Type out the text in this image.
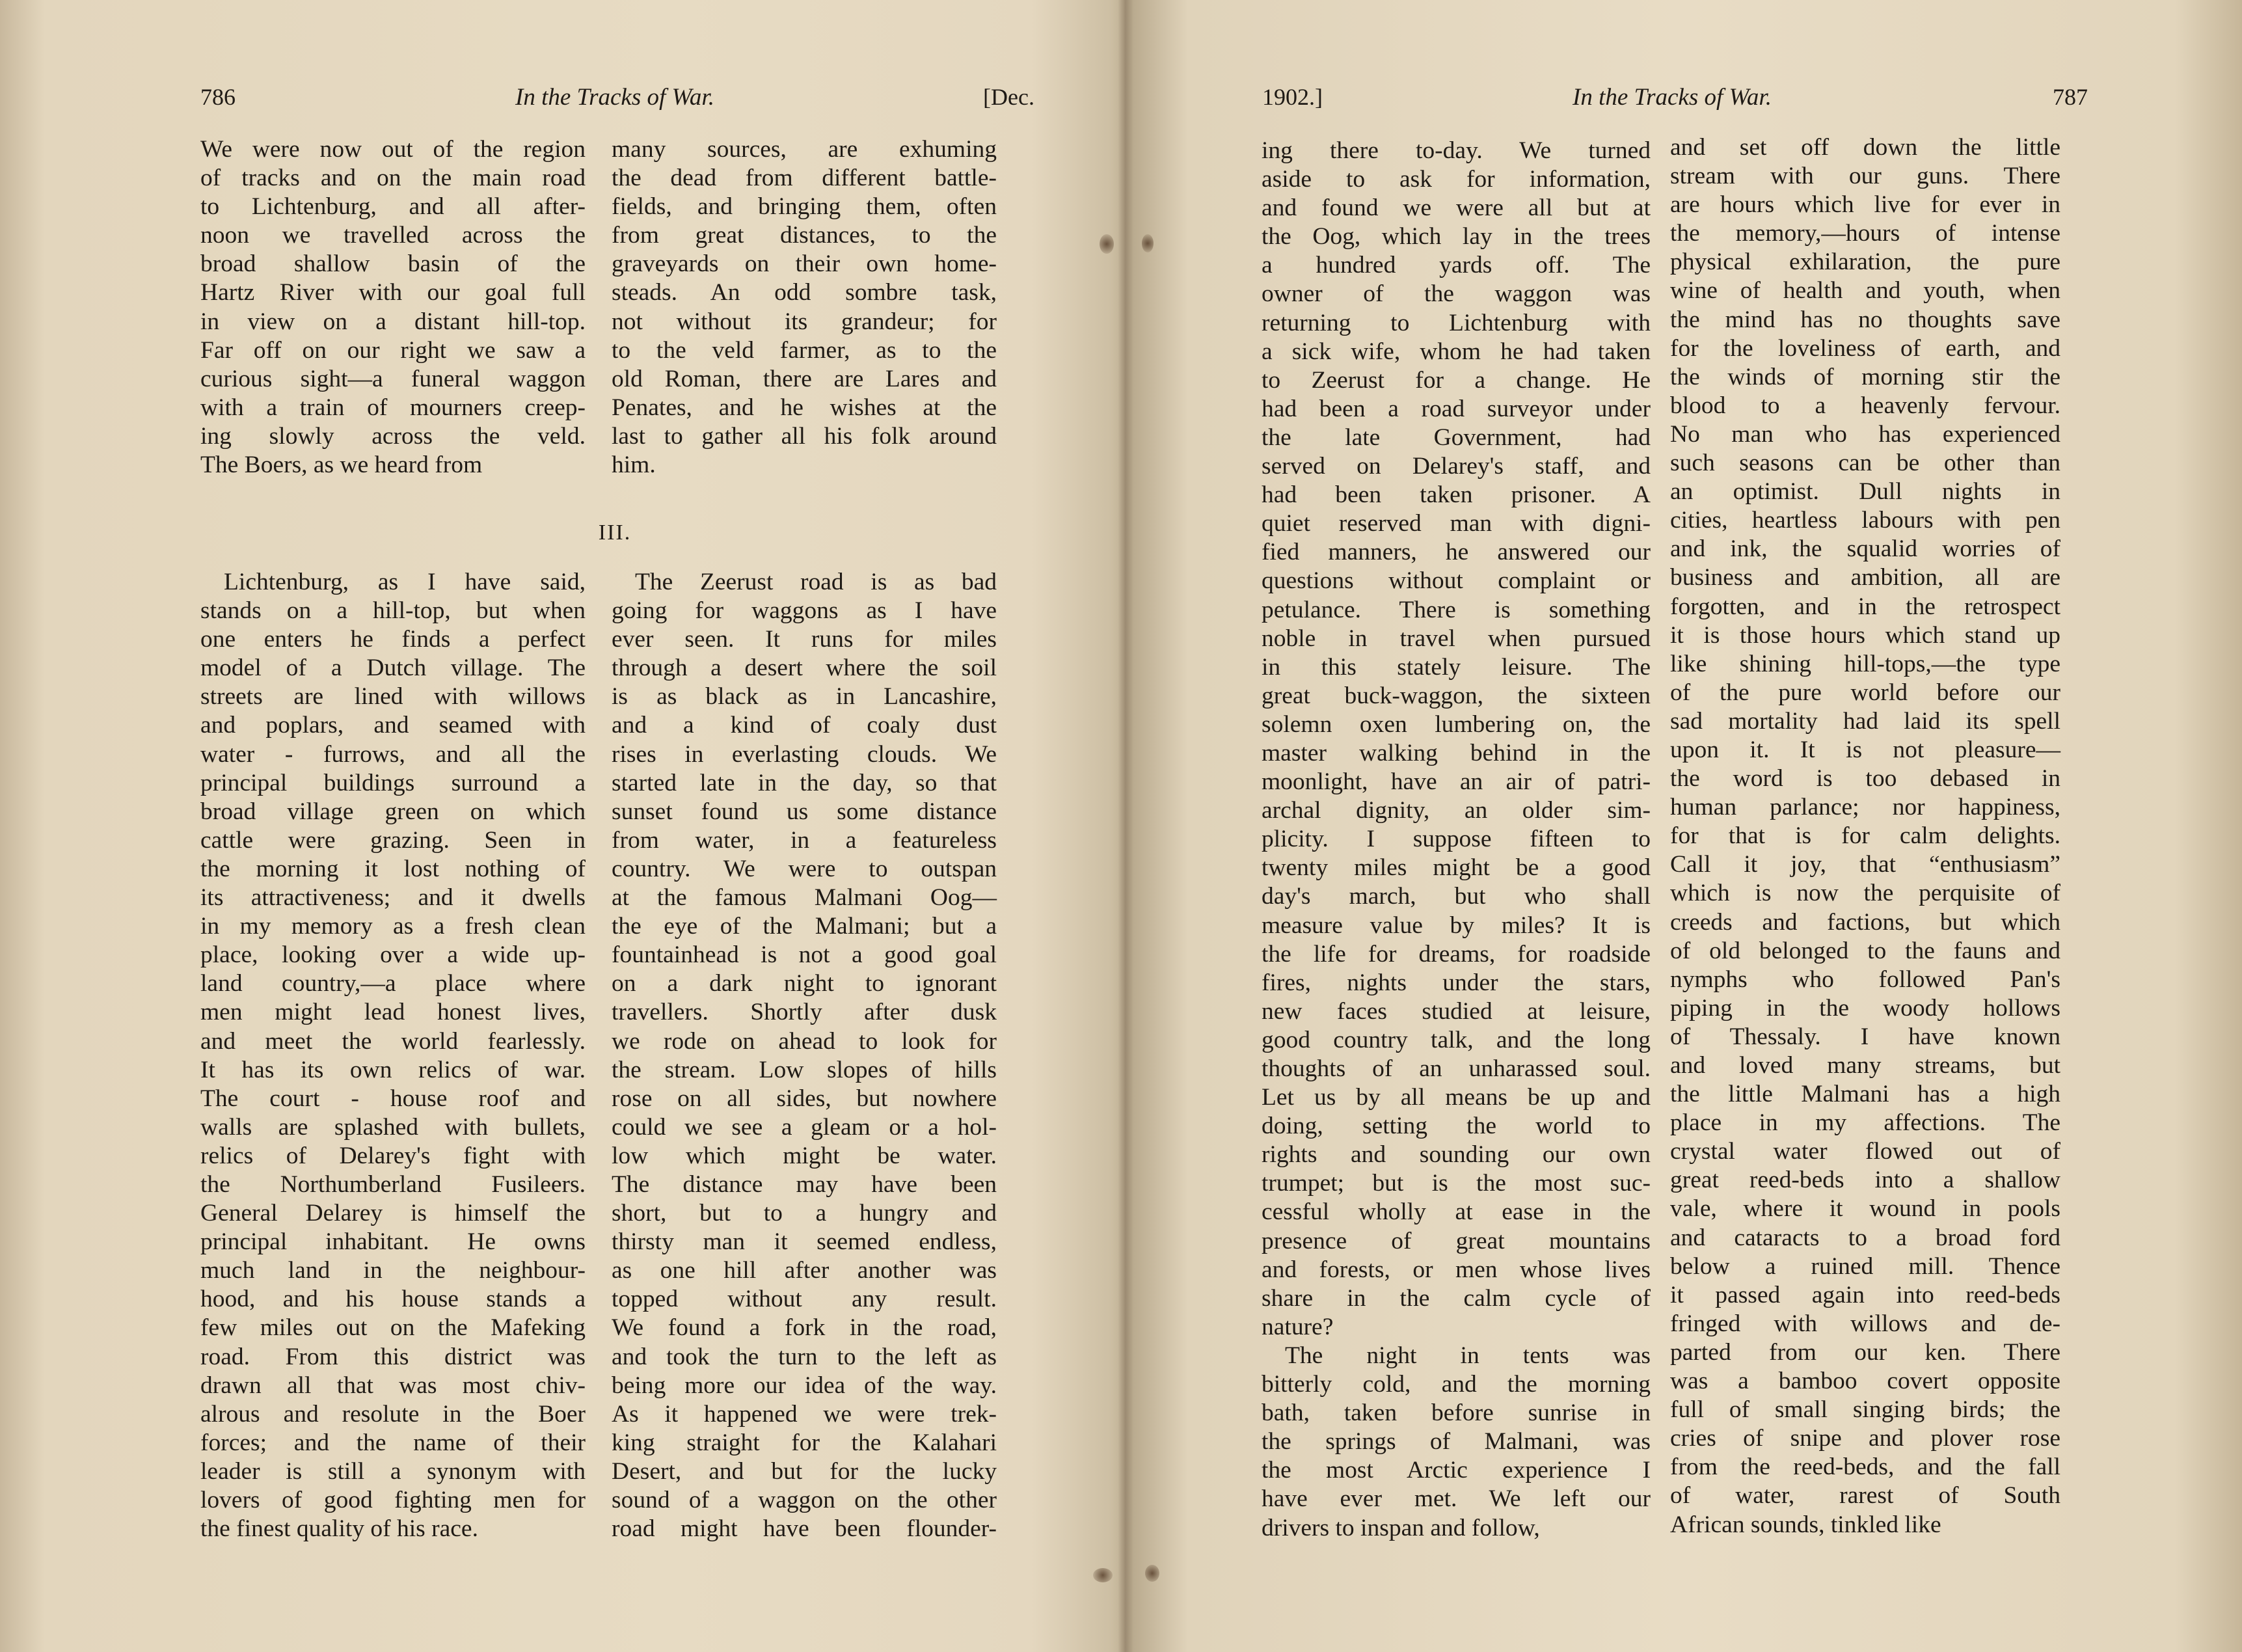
786	In the Tracks of War.	[Dec.
We were now out of the region
of tracks and on the main road
to Lichtenburg, and all after-
noon we travelled across the
broad shallow basin of the
Hartz River with our goal full
in view on a distant hill-top.
Far off on our right we saw a
curious sight—a funeral waggon
with a train of mourners creep-
ing slowly across the veld.
The Boers, as we heard from
many sources, are exhuming
the dead from different battle-
fields, and bringing them, often
from great distances, to the
graveyards on their own home-
steads. An odd sombre task,
not without its grandeur; for
to the veld farmer, as to the
old Roman, there are Lares and
Penates, and he wishes at the
last to gather all his folk around
him.
III.
Lichtenburg, as I have said,
stands on a hill-top, but when
one enters he finds a perfect
model of a Dutch village. The
streets are lined with willows
and poplars, and seamed with
water - furrows, and all the
principal buildings surround a
broad village green on which
cattle were grazing. Seen in
the morning it lost nothing of
its attractiveness; and it dwells
in my memory as a fresh clean
place, looking over a wide up-
land country,—a place where
men might lead honest lives,
and meet the world fearlessly.
It has its own relics of war.
The court - house roof and
walls are splashed with bullets,
relics of Delarey's fight with
the Northumberland Fusileers.
General Delarey is himself the
principal inhabitant. He owns
much land in the neighbour-
hood, and his house stands a
few miles out on the Mafeking
road. From this district was
drawn all that was most chiv-
alrous and resolute in the Boer
forces; and the name of their
leader is still a synonym with
lovers of good fighting men for
the finest quality of his race.
The Zeerust road is as bad
going for waggons as I have
ever seen. It runs for miles
through a desert where the soil
is as black as in Lancashire,
and a kind of coaly dust
rises in everlasting clouds. We
started late in the day, so that
sunset found us some distance
from water, in a featureless
country. We were to outspan
at the famous Malmani Oog—
the eye of the Malmani; but a
fountainhead is not a good goal
on a dark night to ignorant
travellers. Shortly after dusk
we rode on ahead to look for
the stream. Low slopes of hills
rose on all sides, but nowhere
could we see a gleam or a hol-
low which might be water.
The distance may have been
short, but to a hungry and
thirsty man it seemed endless,
as one hill after another was
topped without any result.
We found a fork in the road,
and took the turn to the left as
being more our idea of the way.
As it happened we were trek-
king straight for the Kalahari
Desert, and but for the lucky
sound of a waggon on the other
road might have been flounder-
1902.]	In the Tracks of War.	787
ing there to-day. We turned
aside to ask for information,
and found we were all but at
the Oog, which lay in the trees
a hundred yards off. The
owner of the waggon was
returning to Lichtenburg with
a sick wife, whom he had taken
to Zeerust for a change. He
had been a road surveyor under
the late Government, had
served on Delarey's staff, and
had been taken prisoner. A
quiet reserved man with digni-
fied manners, he answered our
questions without complaint or
petulance. There is something
noble in travel when pursued
in this stately leisure. The
great buck-waggon, the sixteen
solemn oxen lumbering on, the
master walking behind in the
moonlight, have an air of patri-
archal dignity, an older sim-
plicity. I suppose fifteen to
twenty miles might be a good
day's march, but who shall
measure value by miles? It is
the life for dreams, for roadside
fires, nights under the stars,
new faces studied at leisure,
good country talk, and the long
thoughts of an unharassed soul.
Let us by all means be up and
doing, setting the world to
rights and sounding our own
trumpet; but is the most suc-
cessful wholly at ease in the
presence of great mountains
and forests, or men whose lives
share in the calm cycle of
nature?
The night in tents was
bitterly cold, and the morning
bath, taken before sunrise in
the springs of Malmani, was
the most Arctic experience I
have ever met. We left our
drivers to inspan and follow,
and set off down the little
stream with our guns. There
are hours which live for ever in
the memory,—hours of intense
physical exhilaration, the pure
wine of health and youth, when
the mind has no thoughts save
for the loveliness of earth, and
the winds of morning stir the
blood to a heavenly fervour.
No man who has experienced
such seasons can be other than
an optimist. Dull nights in
cities, heartless labours with pen
and ink, the squalid worries of
business and ambition, all are
forgotten, and in the retrospect
it is those hours which stand up
like shining hill-tops,—the type
of the pure world before our
sad mortality had laid its spell
upon it. It is not pleasure—
the word is too debased in
human parlance; nor happiness,
for that is for calm delights.
Call it joy, that “enthusiasm”
which is now the perquisite of
creeds and factions, but which
of old belonged to the fauns and
nymphs who followed Pan's
piping in the woody hollows
of Thessaly. I have known
and loved many streams, but
the little Malmani has a high
place in my affections. The
crystal water flowed out of
great reed-beds into a shallow
vale, where it wound in pools
and cataracts to a broad ford
below a ruined mill. Thence
it passed again into reed-beds
fringed with willows and de-
parted from our ken. There
was a bamboo covert opposite
full of small singing birds; the
cries of snipe and plover rose
from the reed-beds, and the fall
of water, rarest of South
African sounds, tinkled like
